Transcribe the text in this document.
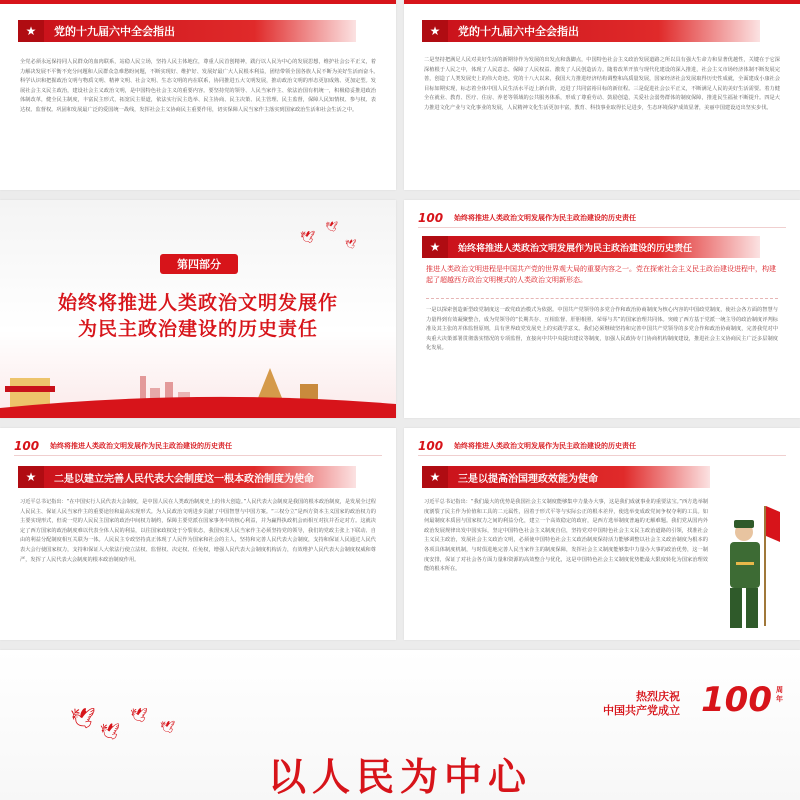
★	党的十九届六中全会指出
全党必须永远保持同人民群众的血肉联系，站稳人民立场，坚持人民主体地位，尊重人民首创精神，践行以人民为中心的发展思想，维护社会公平正义，着力解决发展不平衡不充分问题和人民群众急难愁盼问题，不断实现好、维护好、发展好最广大人民根本利益，团结带领全国各族人民不断为美好生活而奋斗。　　科学认识和把握政治文明与物质文明、精神文明、社会文明、生态文明的内在联系，协同推进五大文明发展，推动政治文明的形态更加成熟、更加定型。发展社会主义民主政治，建设社会主义政治文明，是中国特色社会主义的重要内容。要坚持党的领导、人民当家作主、依法治国有机统一，积极稳妥推进政治体制改革，健全民主制度，丰富民主形式，拓宽民主渠道，依法实行民主选举、民主协商、民主决策、民主管理、民主监督，保障人民知情权、参与权、表达权、监督权。巩固和发展最广泛的爱国统一战线，发挥社会主义协商民主重要作用，切实保障人民当家作主落实到国家政治生活和社会生活之中。
★	党的十九届六中全会指出
二是坚持把满足人民对美好生活的新期待作为发展的出发点和落脚点，中国特色社会主义政治发展道路之所以具有强大生命力和显著优越性，关键在于它深深植根于人民之中，体现了人民意志、保障了人民权益、激发了人民创造活力。随着改革开放与现代化建设的深入推进，社会主义市场经济体制不断发展完善，创造了人类发展史上的伟大奇迹。党的十八大以来，我国大力推进经济结构调整和高质量发展，国家经济社会发展取得历史性成就，全面建成小康社会目标如期实现，标志着全体中国人民生活水平迈上新台阶，迈进了共同富裕目标的新征程。三是促进社会公平正义，不断满足人民的美好生活需要。着力健全在就业、教育、医疗、住房、养老等领域的公共服务体系，形成了尊重劳动、鼓励创造，关爱社会弱势群体的制度保障，推进民生福祉不断提升。四是大力推进文化产业与文化事业的发展，人民精神文化生活更加丰富，教育、科技事业取得长足进步，生态环境保护成效显著，美丽中国建设迈出坚实步伐。
🕊
🕊
🕊
第四部分
始终将推进人类政治文明发展作
为民主政治建设的历史责任
100	始终将推进人类政治文明发展作为民主政治建设的历史责任
★	始终将推进人类政治文明发展作为民主政治建设的历史责任
推进人类政治文明进程是中国共产党的世界观大局的重要内容之一。党在探索社会主义民主政治建设进程中，构建起了超越西方政治文明模式的人类政治文明新形态。
一是以探索创造新型政党制度这一政党政治模式为依据。中国共产党领导的多党合作和政治协商制度为核心内容的中国政党制度，使社会各方面的智慧与力量得到有效凝聚整合，成为党领导的“长期共存、互相监督、肝胆相照、荣辱与共”的国家治理共同体。突破了西方基于党派一统主导的政治制度评判标准及其主张的并体监督原则，具有世界政党发展史上的实践学意义。我们必须继续坚持和完善中国共产党领导的多党合作和政治协商制度，完善我党对中央重大决策部署贯彻落实情况的专项监督，直接向中共中央提出建议等制度，加强人民政协专门协商机构制度建设，推进社会主义协商民主广泛多层制度化发展。
100	始终将推进人类政治文明发展作为民主政治建设的历史责任
★	二是以建立完善人民代表大会制度这一根本政治制度为使命
习近平总书记指出：“在中国实行人民代表大会制度，是中国人民在人类政治制度史上的伟大创造。”人民代表大会制度是我国的根本政治制度，是发展全过程人民民主、保证人民当家作主的重要途径和最高实现形式。为人民政治文明进步贡献了中国智慧与中国方案。“三权分立”是西方资本主义国家的政治权力的主要实现形式，但说一党的人民民主国家的政治中间权力制约，保障主要党派在国家事务中的核心利益，并为赢得执政机会而相互对抗并否定对方。这就决定了西方国家的政治制度难以代表全体人民的利益，以往国家政权处于分裂状态，我国实现人民当家作主必须坚持党的领导，我们的党政主张上下联动、自由的利益分配制度相互关联为一体。人民民主专政坚持真正体现了人民作为国家和社会的主人，坚持和完善人民代表大会制度，支持和保证人民通过人民代表大会行使国家权力，支持和保证人大依法行使立法权、监督权、决定权、任免权，增强人民代表大会制度机构活力，有效维护人民代表大会制度权威和尊严，发挥了人民代表大会制度的根本政治制度作用。
100	始终将推进人类政治文明发展作为民主政治建设的历史责任
★	三是以提高治国理政效能为使命
习近平总书记指出：“我们最大的优势是我国社会主义制度能够集中力量办大事，这是我们成就事业的重要法宝。”西方选举制度割裂了民主作为价值和工具的二元属性，固着于形式平等与实际公正的根本差异，使选举变成政党间争权夺利的工具。如何最制度本质因与国家权力之间的利益分化，建立一个高效稳定的政府，是西方选举制度普遍的无解难题。我们党从国内外政治发展规律出发中国实际，坚定中国特色社会主义制度自信，坚持党对中国特色社会主义民主政治道路的引领，找准社会主义民主政治，发展社会主义政治文明，必须使中国特色社会主义政治制度保持活力能够调整以社会主义政治制度为根本的各项具体制度机制，与时俱进地完善人民当家作主的制度保障，发挥社会主义制度能够集中力量办大事的政治优势，这一制度安排，保证了对社会各方面力量和资源的高效整合与优化，这是中国特色社会主义制度优势能最大限度转化为国家治理效能的根本所在。
🕊
🕊
🕊
🕊
热烈庆祝
中国共产党成立 100 周年
以人民为中心
